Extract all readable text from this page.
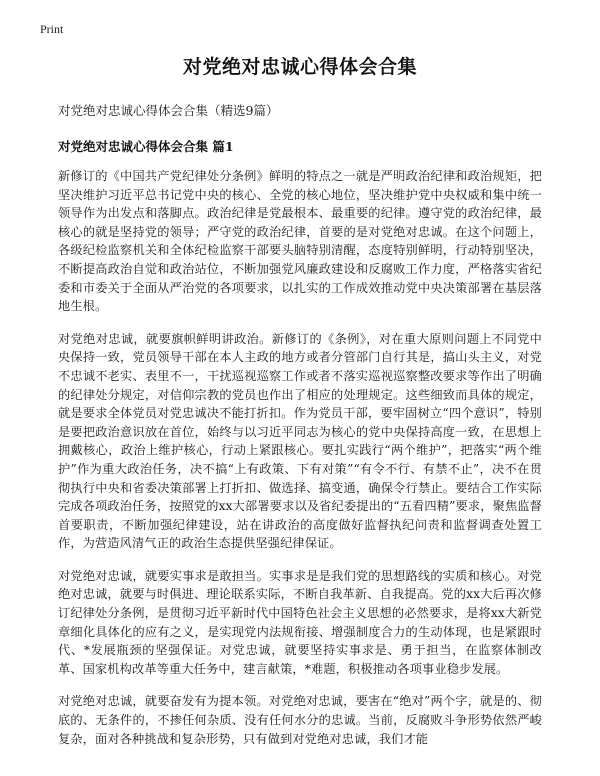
Print
对党绝对忠诚心得体会合集

对党绝对忠诚心得体会合集（精选9篇）

对党绝对忠诚心得体会合集 篇1

新修订的《中国共产党纪律处分条例》鲜明的特点之一就是严明政治纪律和政治规矩，把坚决维护习近平总书记党中央的核心、全党的核心地位，坚决维护党中央权威和集中统一领导作为出发点和落脚点。政治纪律是党最根本、最重要的纪律。遵守党的政治纪律，最核心的就是坚持党的领导；严守党的政治纪律，首要的是对党绝对忠诚。在这个问题上，各级纪检监察机关和全体纪检监察干部要头脑特别清醒，态度特别鲜明，行动特别坚决，不断提高政治自觉和政治站位，不断加强党风廉政建设和反腐败工作力度，严格落实省纪委和市委关于全面从严治党的各项要求，以扎实的工作成效推动党中央决策部署在基层落地生根。

对党绝对忠诚，就要旗帜鲜明讲政治。新修订的《条例》，对在重大原则问题上不同党中央保持一致，党员领导干部在本人主政的地方或者分管部门自行其是，搞山头主义，对党不忠诚不老实、表里不一，干扰巡视巡察工作或者不落实巡视巡察整改要求等作出了明确的纪律处分规定，对信仰宗教的党员也作出了相应的处理规定。这些细致而具体的规定，就是要求全体党员对党忠诚决不能打折扣。作为党员干部，要牢固树立“四个意识”，特别是要把政治意识放在首位，始终与以习近平同志为核心的党中央保持高度一致，在思想上拥戴核心，政治上维护核心，行动上紧跟核心。要扎实践行“两个维护”，把落实“两个维护”作为重大政治任务，决不搞“上有政策、下有对策”“有令不行、有禁不止”，决不在贯彻执行中央和省委决策部署上打折扣、做选择、搞变通，确保令行禁止。要结合工作实际完成各项政治任务，按照党的xx大部署要求以及省纪委提出的“五看四精”要求，聚焦监督首要职责，不断加强纪律建设，站在讲政治的高度做好监督执纪问责和监督调查处置工作，为营造风清气正的政治生态提供坚强纪律保证。

对党绝对忠诚，就要实事求是敢担当。实事求是是我们党的思想路线的实质和核心。对党绝对忠诚，就要与时俱进、理论联系实际，不断自我革新、自我提高。党的xx大后再次修订纪律处分条例，是贯彻习近平新时代中国特色社会主义思想的必然要求，是将xx大新党章细化具体化的应有之义，是实现党内法规衔接、增强制度合力的生动体现，也是紧跟时代、*发展瓶颈的坚强保证。对党忠诚，就要坚持实事求是、勇于担当，在监察体制改革、国家机构改革等重大任务中，建言献策，*难题，积极推动各项事业稳步发展。

对党绝对忠诚，就要奋发有为提本领。对党绝对忠诚，要害在“绝对”两个字，就是的、彻底的、无条件的，不掺任何杂质、没有任何水分的忠诚。当前，反腐败斗争形势依然严峻复杂，面对各种挑战和复杂形势，只有做到对党绝对忠诚，我们才能
